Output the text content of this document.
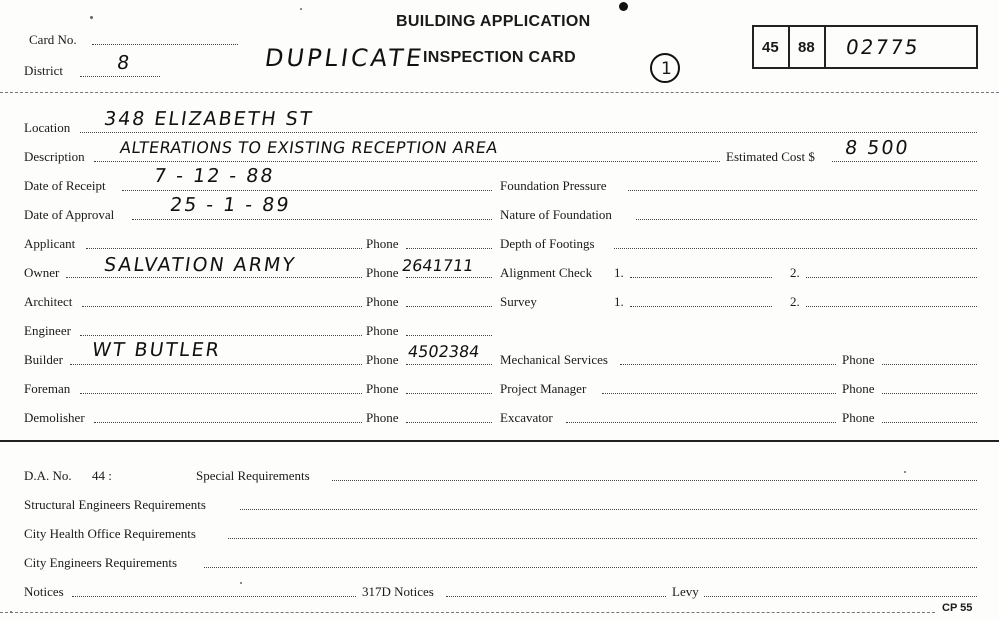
BUILDING APPLICATION
INSPECTION CARD
Card No.
District	8	DUPLICATE	1
45 88 02775
Location 348 ELIZABETH ST
Description ALTERATIONS TO EXISTING RECEPTION AREA	Estimated Cost $ 8 500
Date of Receipt 7 - 12 - 88
Date of Approval	25 - 1 - 89
Applicant	Phone
Owner SALVATION ARMY	Phone 2641711
Architect	Phone
Engineer	Phone
Builder WT BUTLER	Phone 4502384
Foreman	Phone
Demolisher	Phone
Foundation Pressure
Nature of Foundation
Depth of Footings
Alignment Check 1.	2.
Survey	1.	2.
Mechanical Services	Phone
Project Manager	Phone
Excavator	Phone
D.A. No. 44 :	Special Requirements
Structural Engineers Requirements
City Health Office Requirements
City Engineers Requirements
Notices	317D Notices	Levy
CP 55
